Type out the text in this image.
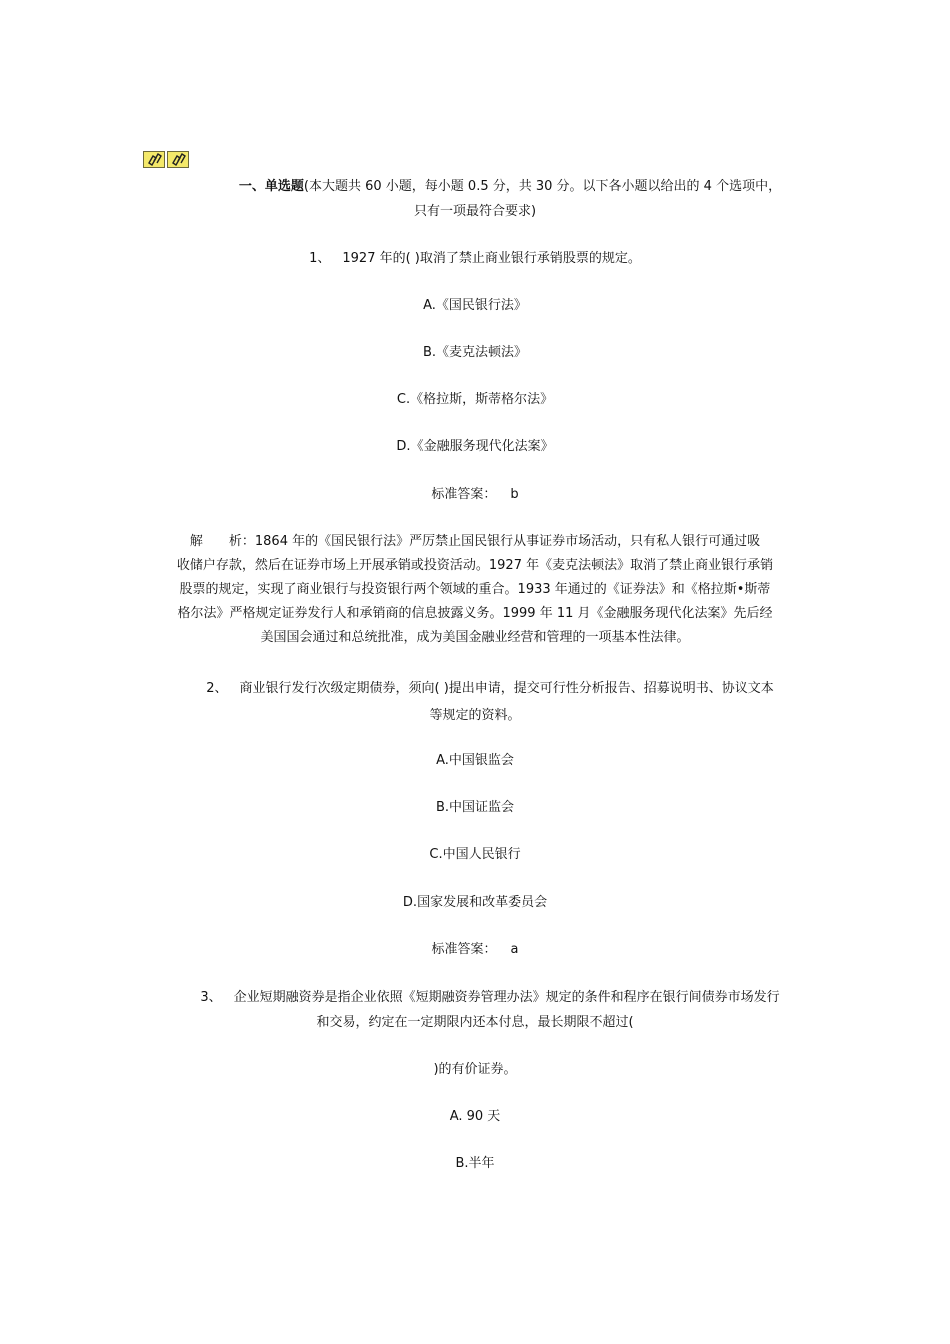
一、单选题(本大题共 60 小题，每小题 0.5 分，共 30 分。以下各小题以给出的 4 个选项中，
只有一项最符合要求)
1、 1927 年的( )取消了禁止商业银行承销股票的规定。
A.《国民银行法》
B.《麦克法顿法》
C.《格拉斯，斯蒂格尔法》
D.《金融服务现代化法案》
标准答案： b
解　　析：1864 年的《国民银行法》严厉禁止国民银行从事证券市场活动，只有私人银行可通过吸
收储户存款，然后在证券市场上开展承销或投资活动。1927 年《麦克法顿法》取消了禁止商业银行承销
股票的规定，实现了商业银行与投资银行两个领域的重合。1933 年通过的《证券法》和《格拉斯•斯蒂
格尔法》严格规定证券发行人和承销商的信息披露义务。1999 年 11 月《金融服务现代化法案》先后经
美国国会通过和总统批准，成为美国金融业经营和管理的一项基本性法律。
2、 商业银行发行次级定期债券，须向( )提出申请，提交可行性分析报告、招募说明书、协议文本
等规定的资料。
A.中国银监会
B.中国证监会
C.中国人民银行
D.国家发展和改革委员会
标准答案： a
3、 企业短期融资券是指企业依照《短期融资券管理办法》规定的条件和程序在银行间债券市场发行
和交易，约定在一定期限内还本付息，最长期限不超过(
)的有价证券。
A. 90 天
B.半年
